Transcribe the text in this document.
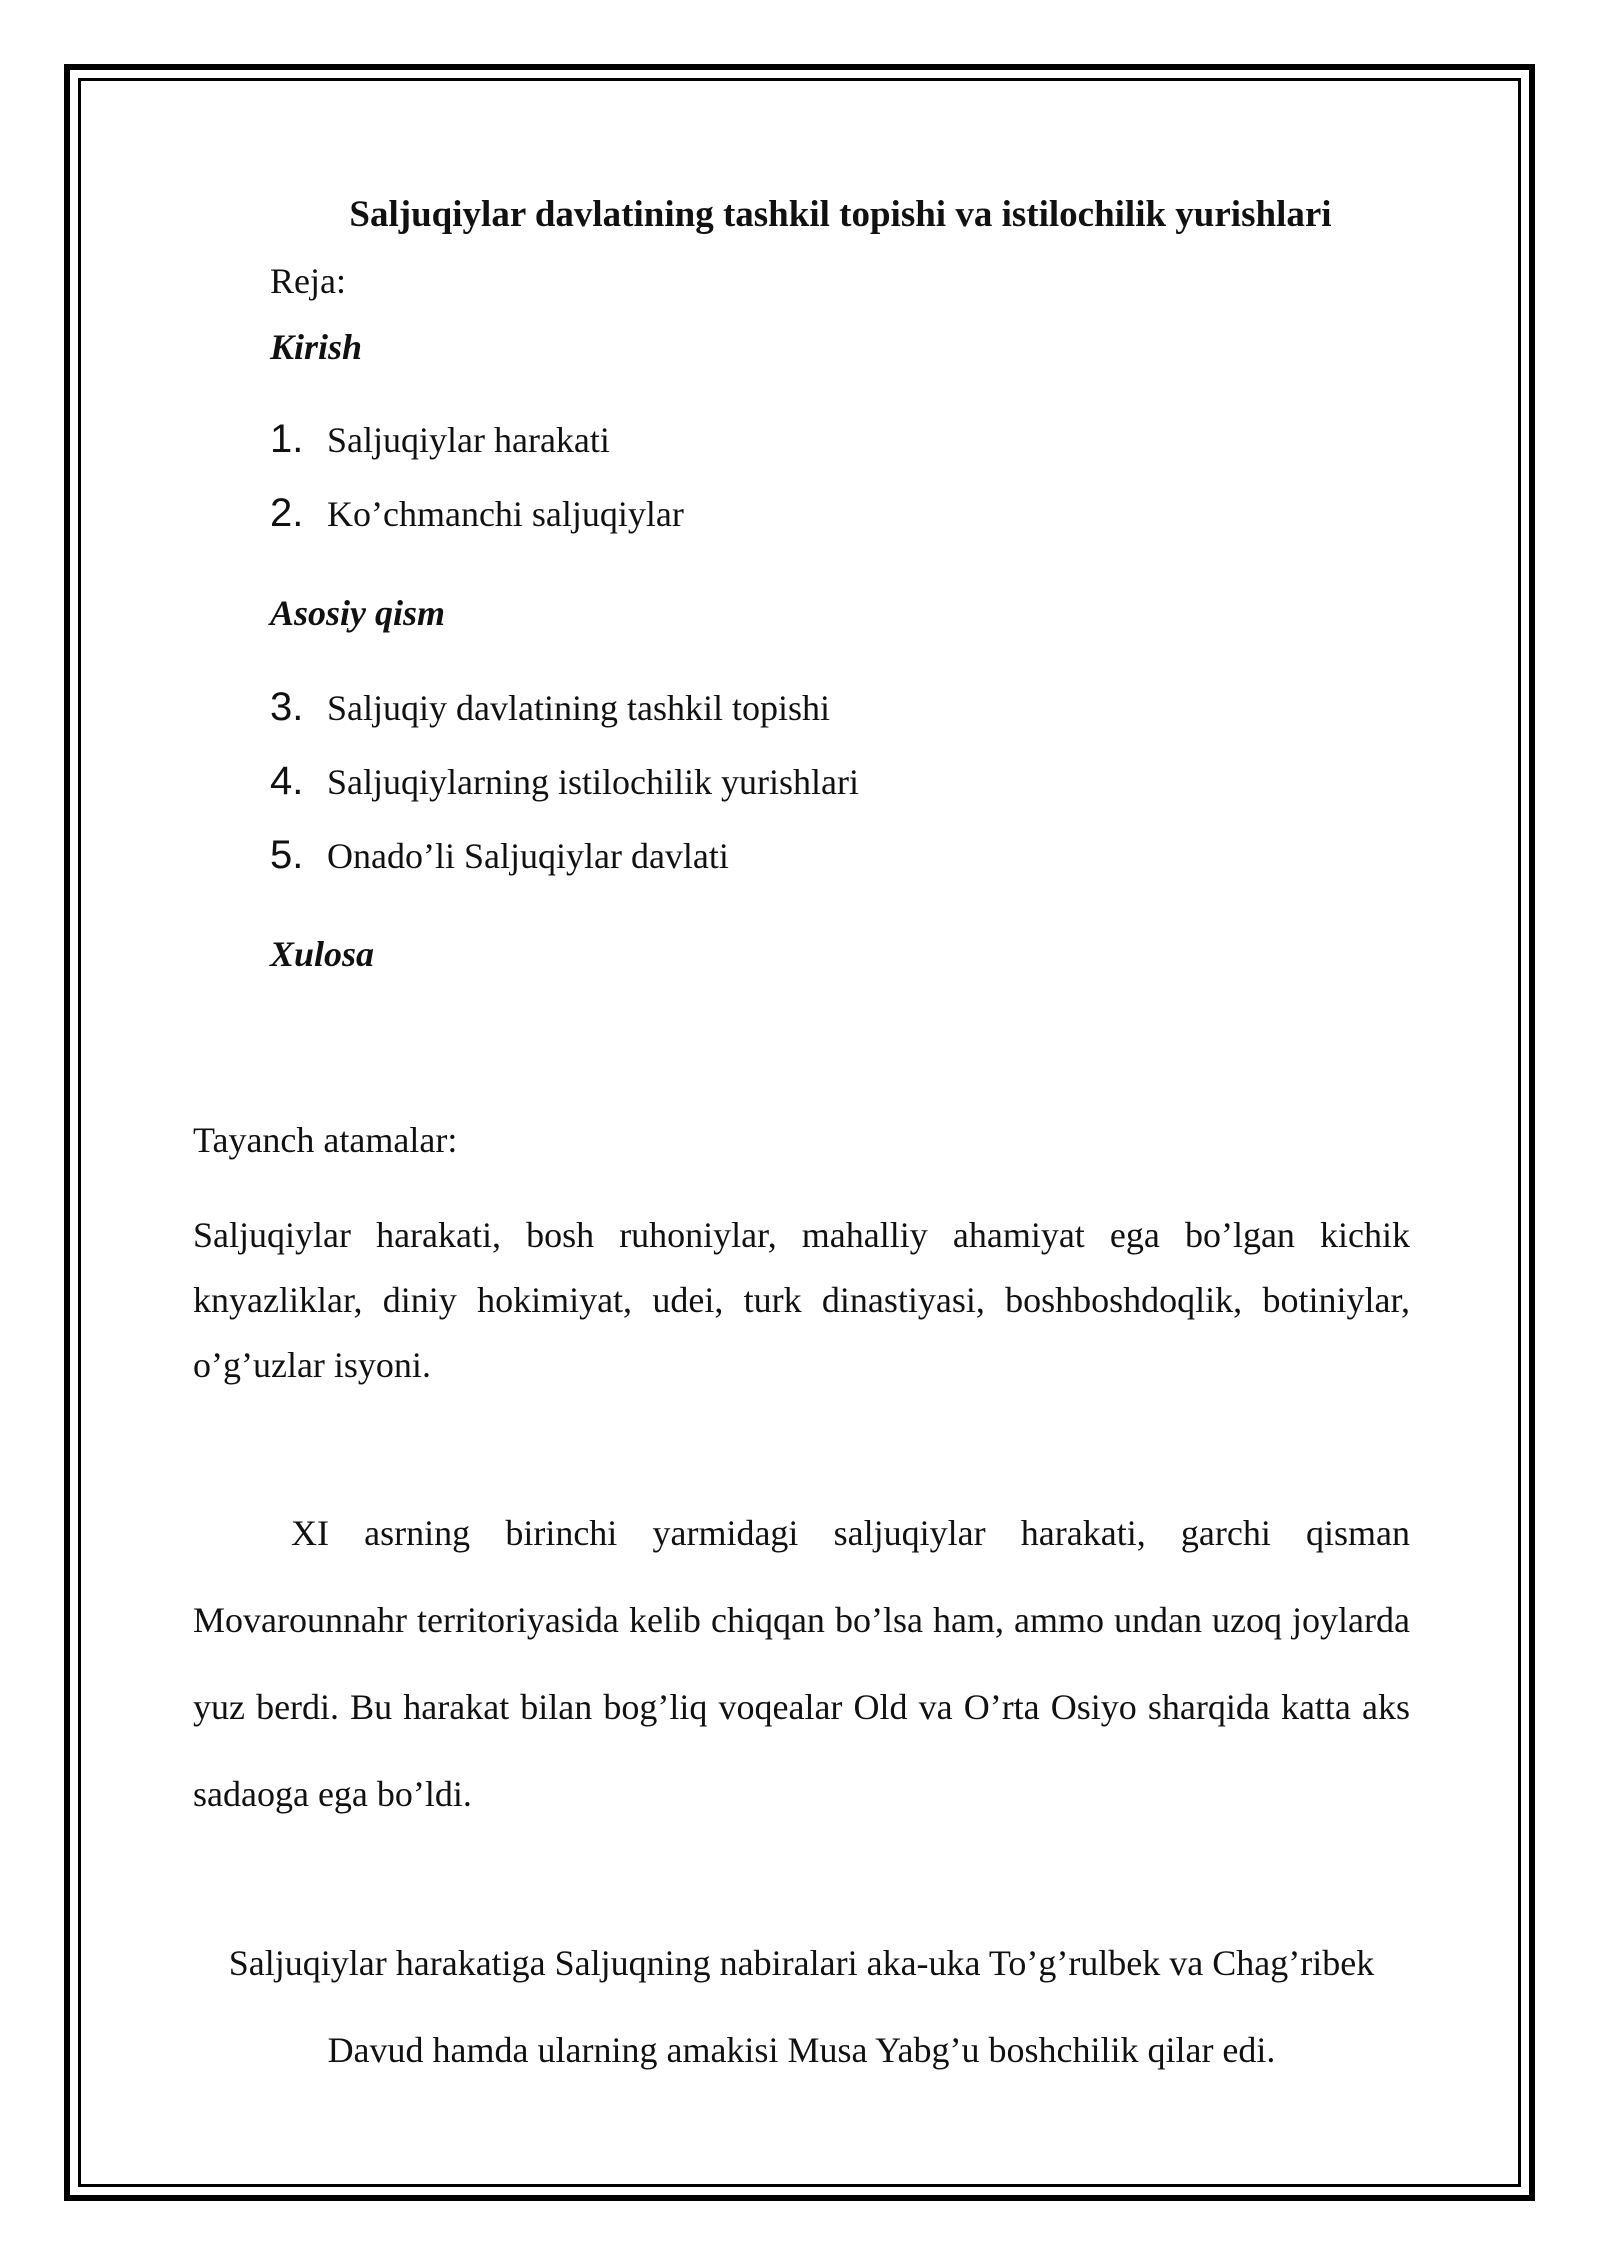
Saljuqiylar davlatining tashkil topishi va istilochilik yurishlari
Reja:
Kirish
1. Saljuqiylar harakati
2. Ko’chmanchi saljuqiylar
Asosiy qism
3. Saljuqiy davlatining tashkil topishi
4. Saljuqiylarning istilochilik yurishlari
5. Onado’li Saljuqiylar davlati
Xulosa
Tayanch atamalar:
Saljuqiylar harakati, bosh ruhoniylar, mahalliy ahamiyat ega bo’lgan kichik knyazliklar, diniy hokimiyat, udei, turk dinastiyasi, boshboshdoqlik, botiniylar, o’g’uzlar isyoni.
XI asrning birinchi yarmidagi saljuqiylar harakati, garchi qisman Movarounnahr territoriyasida kelib chiqqan bo’lsa ham, ammo undan uzoq joylarda yuz berdi. Bu harakat bilan bog’liq voqealar Old va O’rta Osiyo sharqida katta aks sadaoga ega bo’ldi.
Saljuqiylar harakatiga Saljuqning nabiralari aka-uka To’g’rulbek va Chag’ribek Davud hamda ularning amakisi Musa Yabg’u boshchilik qilar edi.
